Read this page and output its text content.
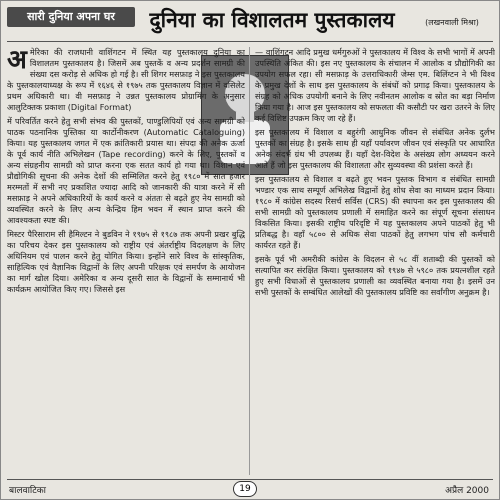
सारी दुनिया अपना घर	दुनिया का विशालतम पुस्तकालय	(लखनवाली मिश्रा)

अ मेरिका की राजधानी वाशिंगटन में स्थित यह पुस्तकालय दुनिया का विशालतम पुस्तकालय है। जिसमें अब पुस्तकें व अन्य प्रदर्शन सामग्री की संख्या दस करोड़ से अधिक हो गई है। सी शिगर मसफ़ाड़ ने इस पुस्तकालय के पुस्तकालयाध्यक्ष के रूप में १६४६ से १९७५ तक पुस्तकालय विज्ञान में वसिलेट प्रथम अधिकारी था। वी मसफ़ाड़ ने उन्नत पुस्तकालय प्रोग्रामिंग के अनुसार आलुटिक्तक प्रकाशा (Digital Format)

में परिवर्तित करने हेतु सभी संभव की पुस्तकों, पाण्डुलिपियों एवं अन्य सामग्री को पाठक पठनानिक पुस्तिका या कार्टोनीकरण (Automatic Cataloguing) किया। यह पुस्तकालय जगत में एक क्रांतिकारी प्रयास था। संपदा की अनेक ऊर्जा के पूर्व कार्य नीति अभिलेखन (Tape recording) करने के लिए, पुस्तकों व अन्य संग्रहनीय सामग्री को प्राप्त करना एक सतत कार्य हो गया था। विशान एवं प्रौद्योगिकी सूचना की अनेक देशों की सम्मिलित करने हेतु १९८० में सात हजार मरम्मतों में सभी नए प्रकाशित ज्यादा आदि को जानकारी की यात्रा करने में सी मसफ़ाड़ ने अपने अधिकारियों के कार्य करने व अंततः से बढ़ते हुए नेय सामग्री को व्यवस्थित करने के लिए अन्य केन्द्रिय हिम भवन में स्थान प्राप्त करने की आवश्यकता स्पष्ट की।

मिस्टर पैरिसाराम सी हैमिल्टन ने बुडविन ने १९७५ से १९८७ तक अपनी प्रखर बुद्धि का परिचय देकर इस पुस्तकालय को राष्ट्रीय एवं अंतर्राष्ट्रीय विदलक्षण के लिए अधिनियम एवं पालन करने हेतु योगित किया। इन्होंने सारे विश्व के सांस्कृतिक, साहित्यिक एवं वैज्ञानिक विद्वानों के लिए अपनी परिक्षक एवं समर्पण के आयोजन का मार्ग खोल दिया। अमेरिका व अन्य दूसरी सात के विद्वानों के सम्मानार्थ भी कार्यक्रम आयोजित किए गए। जिससे इस

— वाशिंगटन आदि प्रमुख धर्मगुरुओं ने पुस्तकालय में विश्व के सभी भागों में अपनी उपस्थिति अंकित की। इस नए पुस्तकालय के संचालन में आलोक व प्रौद्योगिकी का उपयोग सफल रहा। सी मसफ़ाड़ के उत्तराधिकारी जेम्स एम. बिलिंग्टन ने भी विश्व के प्रमुख देशों के साथ इस पुस्तकालय के संबंधों को प्रगाढ़ किया। पुस्तकालय के संग्रह को अधिक उपयोगी बनाने के लिए नवीनतम आलोक व स्रोत का बड़ा निर्माण किया गया है। आज इस पुस्तकालय को सफलता की कसौटी पर खरा उतरने के लिए कई विशिष्ट उपक्रम किए जा रहे हैं।

इस पुस्तकालय में विशाल व बहुरंगी आधुनिक जीवन से संबंधित अनेक दुर्लभ पुस्तकों का संग्रह है। इसके साथ ही यहाँ पर्यावरण जीवन एवं संस्कृति पर आधारित अनेक संदर्भ ग्रंथ भी उपलब्ध हैं। यहाँ देश-विदेश के असंख्य लोग अध्ययन करने आते हैं जो इस पुस्तकालय की विशालता और सुव्यवस्था की प्रशंसा करते हैं।

इस पुस्तकालय से विशाल व बढ़ते हुए भवन पुस्तक विभाग व संबंधित सामग्री भण्डार एक साथ सम्पूर्ण अभिलेख विद्वानों हेतु शोध सेवा का माध्यम प्रदान किया। १९८० में कांग्रेस सदस्य रिसर्च सर्विस (CRS) की स्थापना कर इस पुस्तकालय की सभी सामग्री को पुस्तकालय प्रणाली में समाहित करने का संपूर्ण सूचना संसाधन विकसित किया। इसकी राष्ट्रीय परिदृष्टि में यह पुस्तकालय अपने पाठकों हेतु भी प्रतिबद्ध है। वहाँ ५८०० से अधिक सेवा पाठकों हेतु लगभग पांच सौ कर्मचारी कार्यरत रहते हैं।

इसके पूर्व भी अमरीकी कांग्रेस के विदलन से ५८ वीं शताब्दी की पुस्तकों को सत्यापित कर संरक्षित किया। पुस्तकालय को १९४७ से ५९८० तक प्रयत्नशील रहते हुए सभी विधाओं से पुस्तकालय प्रणाली का व्यवस्थित बनाया गया है। इसमें उन सभी पुस्तकों के सम्बंधित आलेखों की पुस्तकालय प्रविष्टि का सर्वांगीण अनुक्रम है।

बालवाटिका	19	अप्रैल 2000
